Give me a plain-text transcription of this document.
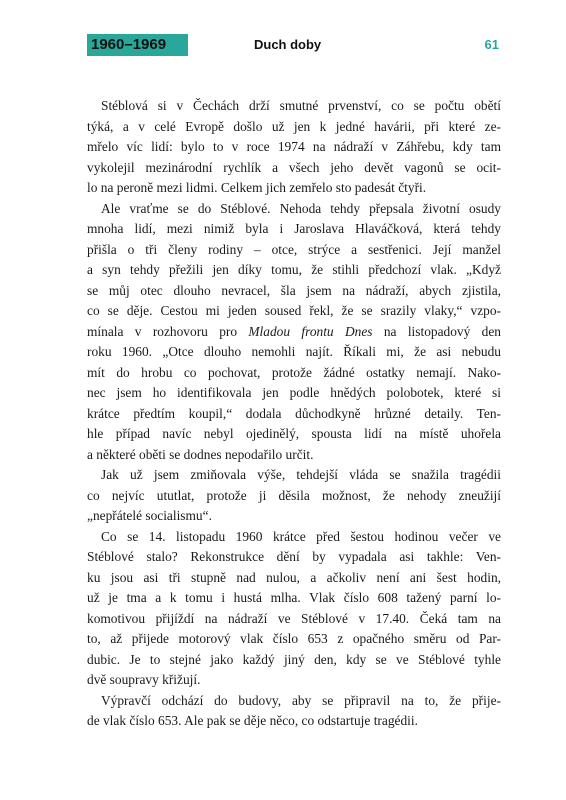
1960–1969	Duch doby	61
Stéblová si v Čechách drží smutné prvenství, co se počtu obětí
týká, a v celé Evropě došlo už jen k jedné havárii, při které ze-
mřelo víc lidí: bylo to v roce 1974 na nádraží v Záhřebu, kdy tam
vykolejil mezinárodní rychlík a všech jeho devět vagonů se ocit-
lo na peroně mezi lidmi. Celkem jich zemřelo sto padesát čtyři.
Ale vraťme se do Stéblové. Nehoda tehdy přepsala životní osudy
mnoha lidí, mezi nimiž byla i Jaroslava Hlaváčková, která tehdy
přišla o tři členy rodiny – otce, strýce a sestřenici. Její manžel
a syn tehdy přežili jen díky tomu, že stihli předchozí vlak. „Když
se můj otec dlouho nevracel, šla jsem na nádraží, abych zjistila,
co se děje. Cestou mi jeden soused řekl, že se srazily vlaky,“ vzpo-
mínala v rozhovoru pro Mladou frontu Dnes na listopadový den
roku 1960. „Otce dlouho nemohli najít. Říkali mi, že asi nebudu
mít do hrobu co pochovat, protože žádné ostatky nemají. Nako-
nec jsem ho identifikovala jen podle hnědých polobotek, které si
krátce předtím koupil,“ dodala důchodkyně hrůzné detaily. Ten-
hle případ navíc nebyl ojedinělý, spousta lidí na místě uhořela
a některé oběti se dodnes nepodařilo určit.
Jak už jsem zmiňovala výše, tehdejší vláda se snažila tragédii
co nejvíc ututlat, protože ji děsila možnost, že nehody zneužijí
„nepřátelé socialismu“.
Co se 14. listopadu 1960 krátce před šestou hodinou večer ve
Stéblové stalo? Rekonstrukce dění by vypadala asi takhle: Ven-
ku jsou asi tři stupně nad nulou, a ačkoliv není ani šest hodin,
už je tma a k tomu i hustá mlha. Vlak číslo 608 tažený parní lo-
komotivou přijíždí na nádraží ve Stéblové v 17.40. Čeká tam na
to, až přijede motorový vlak číslo 653 z opačného směru od Par-
dubic. Je to stejné jako každý jiný den, kdy se ve Stéblové tyhle
dvě soupravy křižují.
Výpravčí odchází do budovy, aby se připravil na to, že přije-
de vlak číslo 653. Ale pak se děje něco, co odstartuje tragédii.
